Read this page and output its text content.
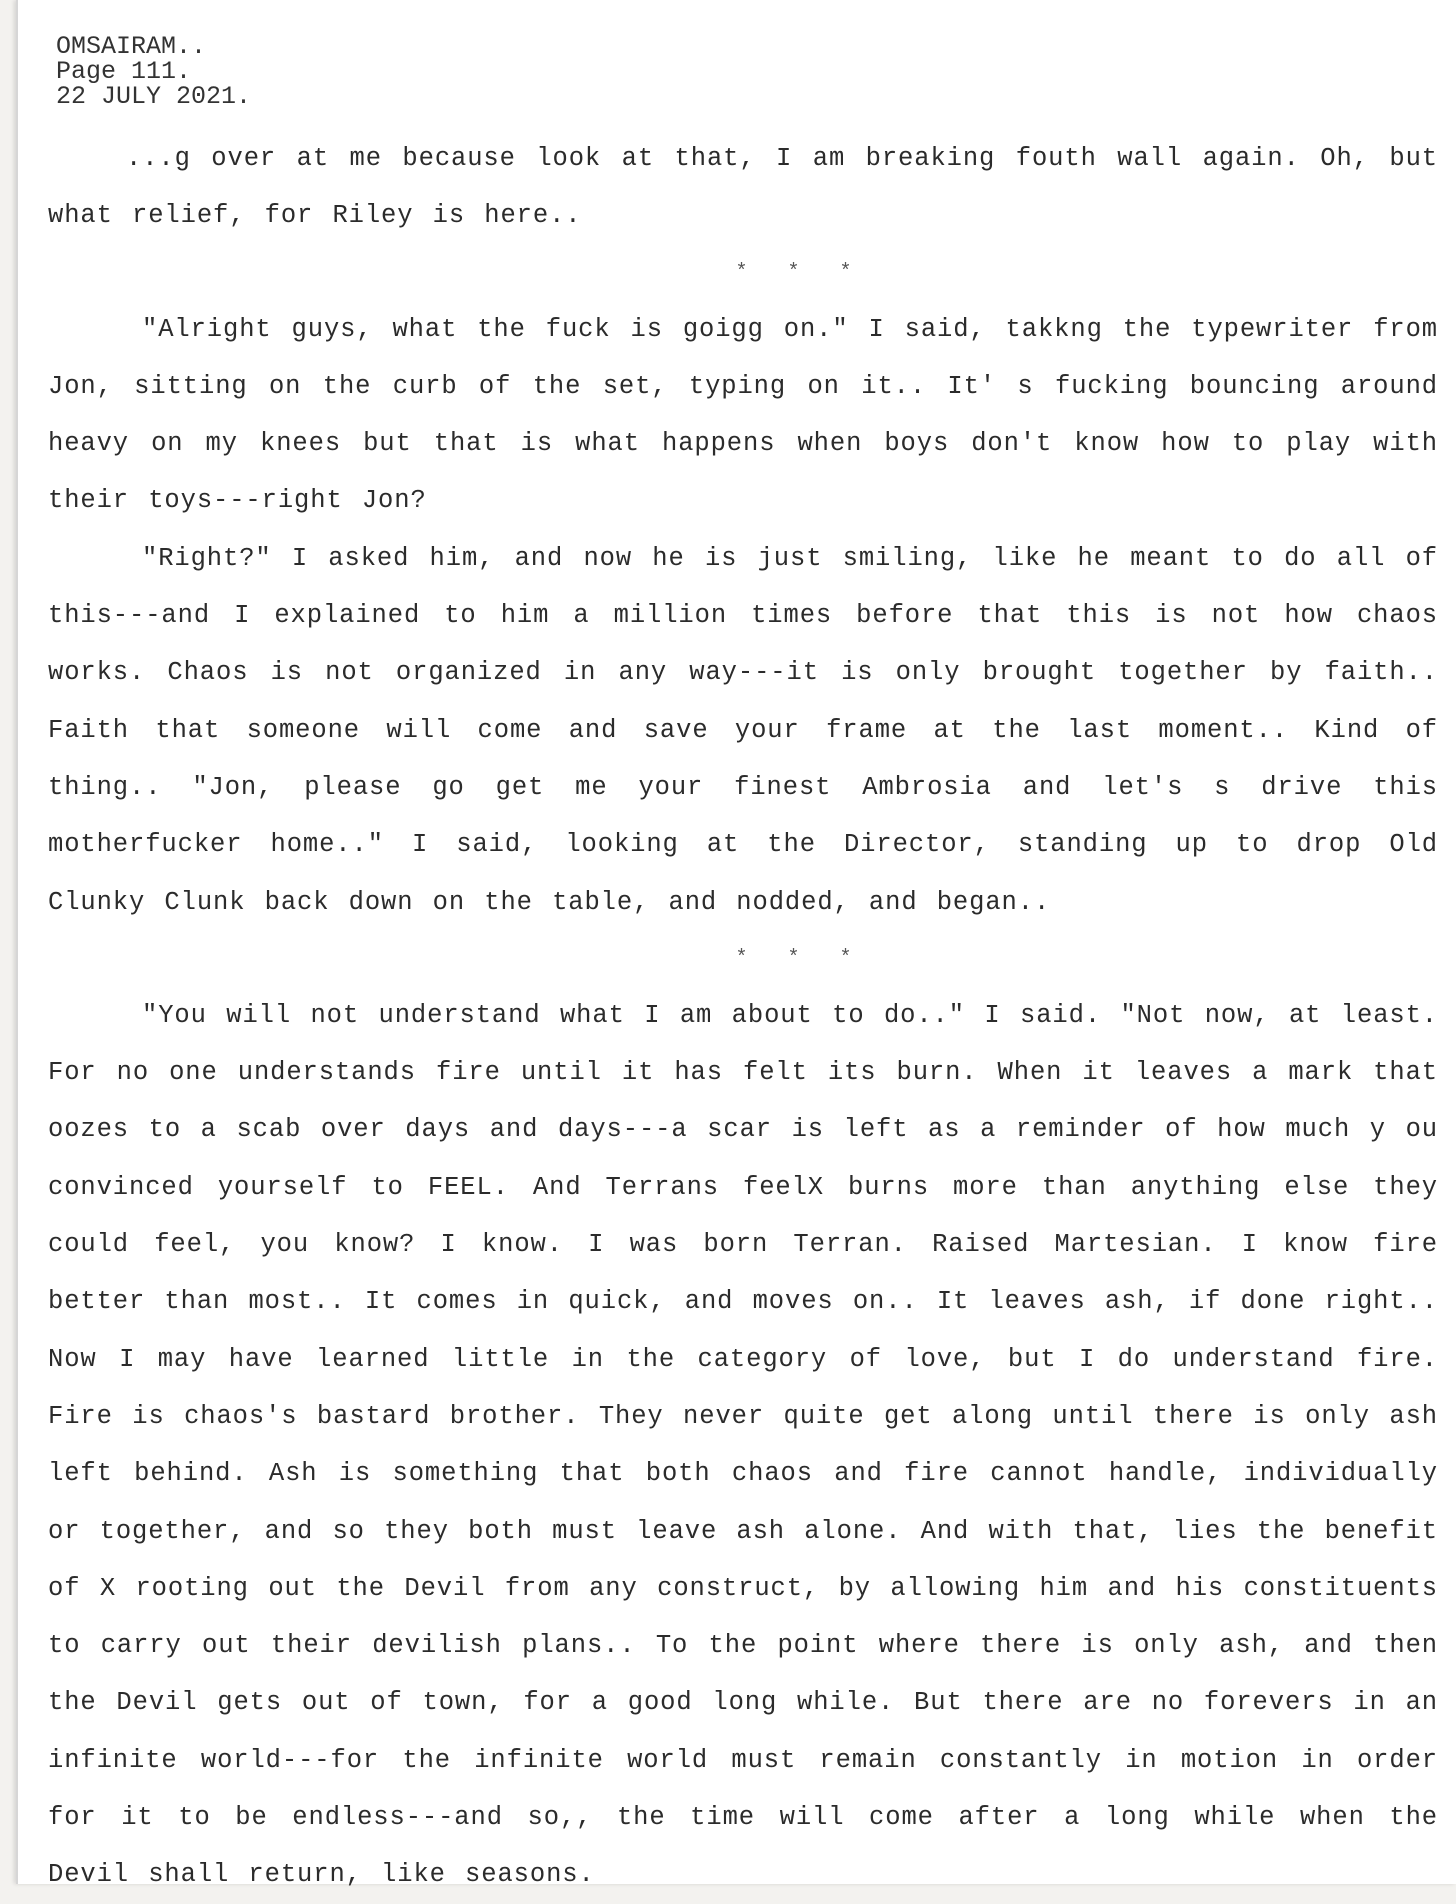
OMSAIRAM..
Page 111.
22 JULY 2021.

...g over at me because look at that, I am breaking fouth wall again. Oh, but what relief, for Riley is here..

* * *

"Alright guys, what the fuck is goigg on." I said, takkng the typewriter from Jon, sitting on the curb of the set, typing on it.. It' s fucking bouncing around heavy on my knees but that is what happens when boys don't know how to play with their toys---right Jon?

"Right?" I asked him, and now he is just smiling, like he meant to do all of this---and I explained to him a million times before that this is not how chaos works. Chaos is not organized in any way---it is only brought together by faith.. Faith that someone will come and save your frame at the last moment.. Kind of thing.. "Jon, please go get me your finest Ambrosia and let's s drive this motherfucker home.." I said, looking at the Director, standing up to drop Old Clunky Clunk back down on the table, and nodded, and began..

* * *

"You will not understand what I am about to do.." I said. "Not now, at least. For no one understands fire until it has felt its burn. When it leaves a mark that oozes to a scab over days and days---a scar is left as a reminder of how much y ou convinced yourself to FEEL. And Terrans feelX burns more than anything else they could feel, you know? I know. I was born Terran. Raised Martesian. I know fire better than most.. It comes in quick, and moves on.. It leaves ash, if done right.. Now I may have learned little in the category of love, but I do understand fire. Fire is chaos's bastard brother. They never quite get along until there is only ash left behind. Ash is something that both chaos and fire cannot handle, individually or together, and so they both must leave ash alone. And with that, lies the benefit of X rooting out the Devil from any construct, by allowing him and his constituents to carry out their devilish plans.. To the point where there is only ash, and then the Devil gets out of town, for a good long while. But there are no forevers in an infinite world---for the infinite world must remain constantly in motion in order for it to be endless---and so,, the time will come after a long while when the Devil shall return, like seasons.
